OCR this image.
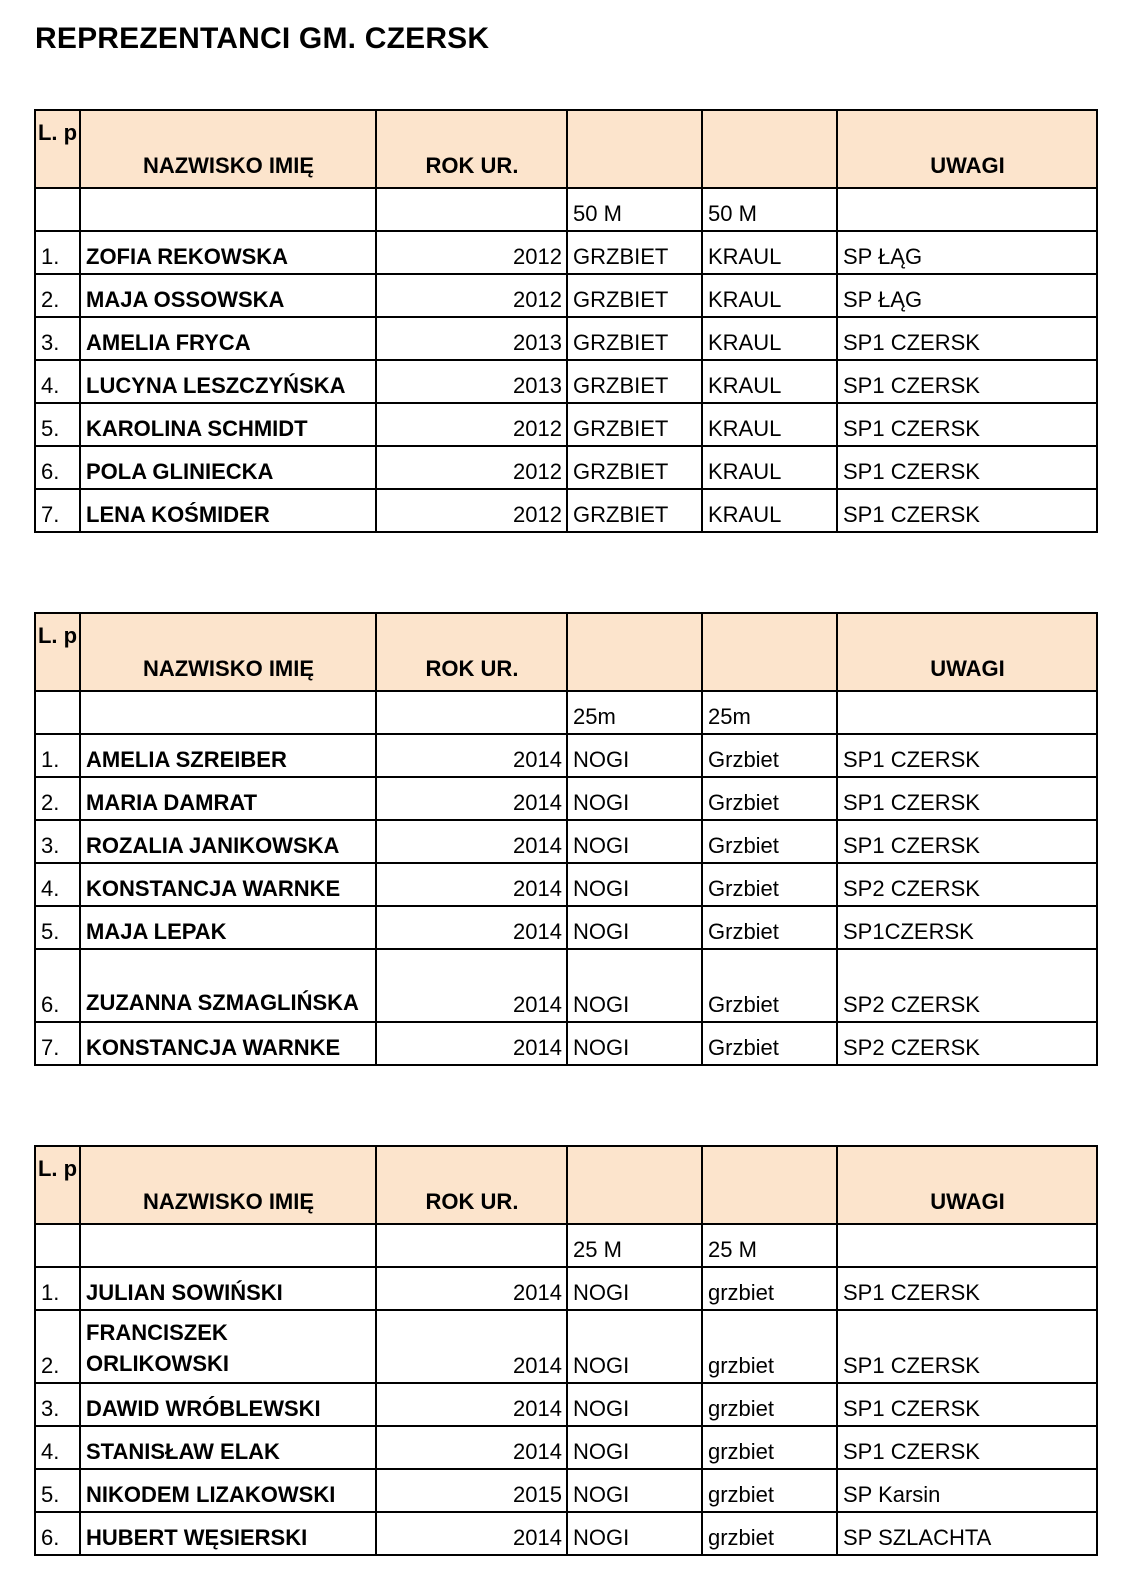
REPREZENTANCI GM. CZERSK
L. p	NAZWISKO IMIĘ	ROK UR.			UWAGI
			50 M	50 M	
1.	ZOFIA REKOWSKA	2012	GRZBIET	KRAUL	SP ŁĄG
2.	MAJA OSSOWSKA	2012	GRZBIET	KRAUL	SP ŁĄG
3.	AMELIA FRYCA	2013	GRZBIET	KRAUL	SP1 CZERSK
4.	LUCYNA LESZCZYŃSKA	2013	GRZBIET	KRAUL	SP1 CZERSK
5.	KAROLINA SCHMIDT	2012	GRZBIET	KRAUL	SP1 CZERSK
6.	POLA GLINIECKA	2012	GRZBIET	KRAUL	SP1 CZERSK
7.	LENA KOŚMIDER	2012	GRZBIET	KRAUL	SP1 CZERSK
L. p	NAZWISKO IMIĘ	ROK UR.			UWAGI
			25m	25m	
1.	AMELIA SZREIBER	2014	NOGI	Grzbiet	SP1 CZERSK
2.	MARIA DAMRAT	2014	NOGI	Grzbiet	SP1 CZERSK
3.	ROZALIA JANIKOWSKA	2014	NOGI	Grzbiet	SP1 CZERSK
4.	KONSTANCJA WARNKE	2014	NOGI	Grzbiet	SP2 CZERSK
5.	MAJA LEPAK	2014	NOGI	Grzbiet	SP1CZERSK
6.	ZUZANNA SZMAGLIŃSKA	2014	NOGI	Grzbiet	SP2 CZERSK
7.	KONSTANCJA WARNKE	2014	NOGI	Grzbiet	SP2 CZERSK
L. p	NAZWISKO IMIĘ	ROK UR.			UWAGI
			25 M	25 M	
1.	JULIAN SOWIŃSKI	2014	NOGI	grzbiet	SP1 CZERSK
2.	FRANCISZEK ORLIKOWSKI	2014	NOGI	grzbiet	SP1 CZERSK
3.	DAWID WRÓBLEWSKI	2014	NOGI	grzbiet	SP1 CZERSK
4.	STANISŁAW ELAK	2014	NOGI	grzbiet	SP1 CZERSK
5.	NIKODEM LIZAKOWSKI	2015	NOGI	grzbiet	SP Karsin
6.	HUBERT WĘSIERSKI	2014	NOGI	grzbiet	SP SZLACHTA
